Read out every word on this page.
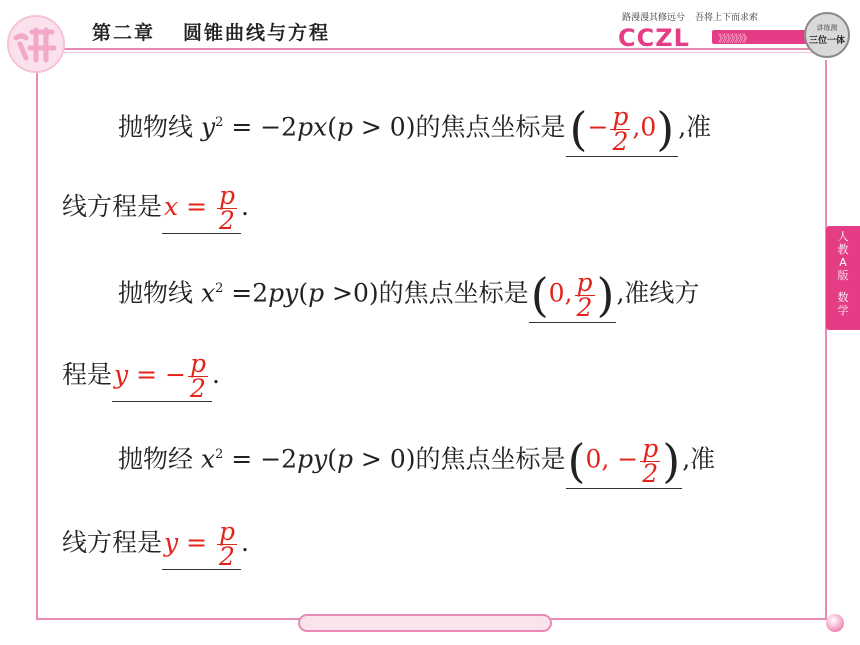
第二章 圆锥曲线与方程
路漫漫其修远兮 吾将上下而求索
CCZL	》》》》》》》
讲练测
三位一体
人
教
A
版
数
学
抛物线 $y^2 = -2px(p > 0)$的焦点坐标是(− $\frac{p}{2} ,0$) ,准
线方程是$x = \frac{p}{2}$ .
抛物线 $x^2 =2py(p >0)$的焦点坐标是(0, $\frac{p}{2}$ ),准线方
程是y = − $\frac{p}{2}$ .
抛物经 $x^2 = -2py(p > 0)$的焦点坐标是(0, − $\frac{p}{2}$ ),准
线方程是$y = \frac{p}{2}$ .
